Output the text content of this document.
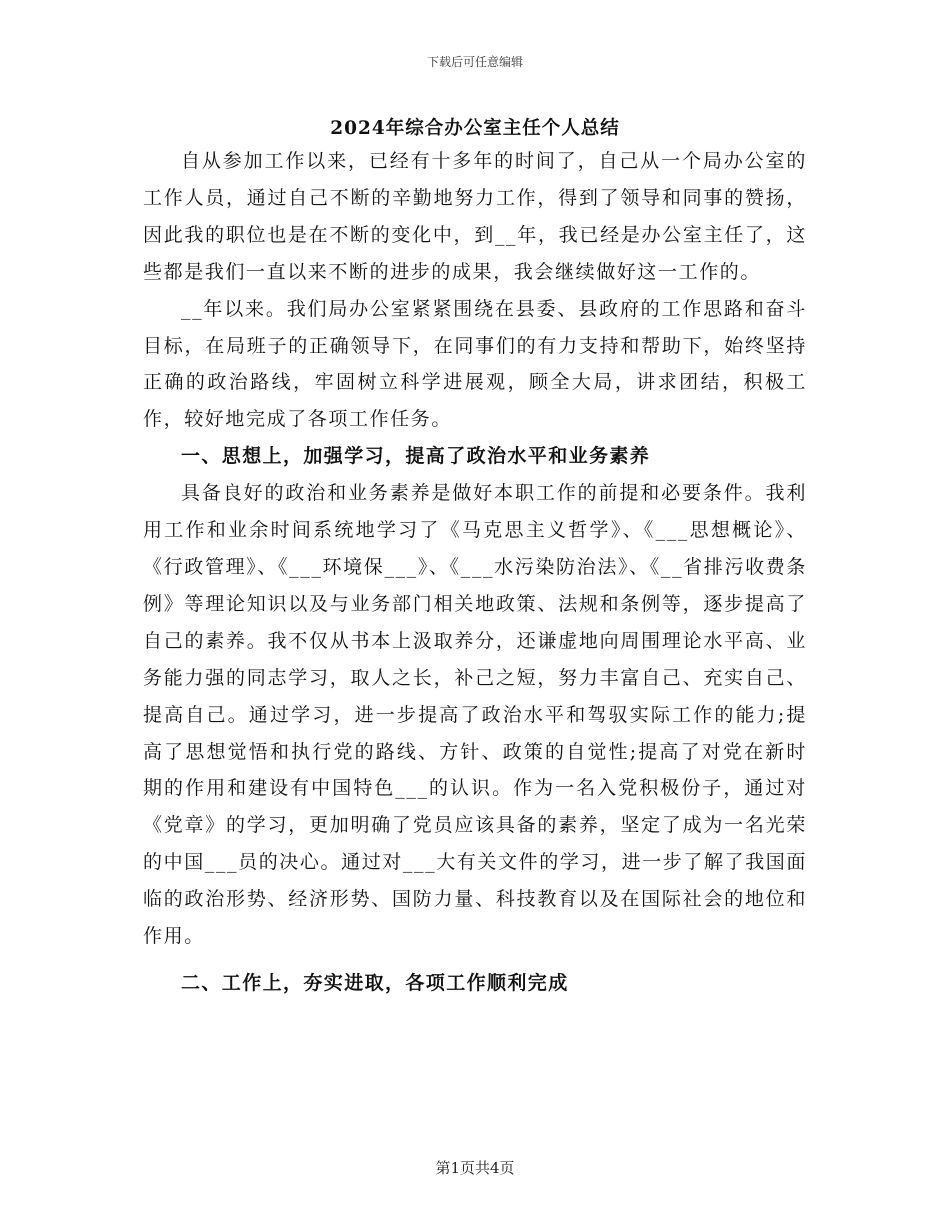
下载后可任意编辑
2024年综合办公室主任个人总结

自从参加工作以来，已经有十多年的时间了，自己从一个局办公室的工作人员，通过自己不断的辛勤地努力工作，得到了领导和同事的赞扬，因此我的职位也是在不断的变化中，到__年，我已经是办公室主任了，这些都是我们一直以来不断的进步的成果，我会继续做好这一工作的。

__年以来。我们局办公室紧紧围绕在县委、县政府的工作思路和奋斗目标，在局班子的正确领导下，在同事们的有力支持和帮助下，始终坚持正确的政治路线，牢固树立科学进展观，顾全大局，讲求团结，积极工作，较好地完成了各项工作任务。

一、思想上，加强学习，提高了政治水平和业务素养

具备良好的政治和业务素养是做好本职工作的前提和必要条件。我利用工作和业余时间系统地学习了《马克思主义哲学》、《___思想概论》、《行政管理》、《___环境保___》、《___水污染防治法》、《__省排污收费条例》等理论知识以及与业务部门相关地政策、法规和条例等，逐步提高了自己的素养。我不仅从书本上汲取养分，还谦虚地向周围理论水平高、业务能力强的同志学习，取人之长，补己之短，努力丰富自己、充实自己、提高自己。通过学习，进一步提高了政治水平和驾驭实际工作的能力;提高了思想觉悟和执行党的路线、方针、政策的自觉性;提高了对党在新时期的作用和建设有中国特色___的认识。作为一名入党积极份子，通过对《党章》的学习，更加明确了党员应该具备的素养，坚定了成为一名光荣的中国___员的决心。通过对___大有关文件的学习，进一步了解了我国面临的政治形势、经济形势、国防力量、科技教育以及在国际社会的地位和作用。

二、工作上，夯实进取，各项工作顺利完成
第1页共4页
